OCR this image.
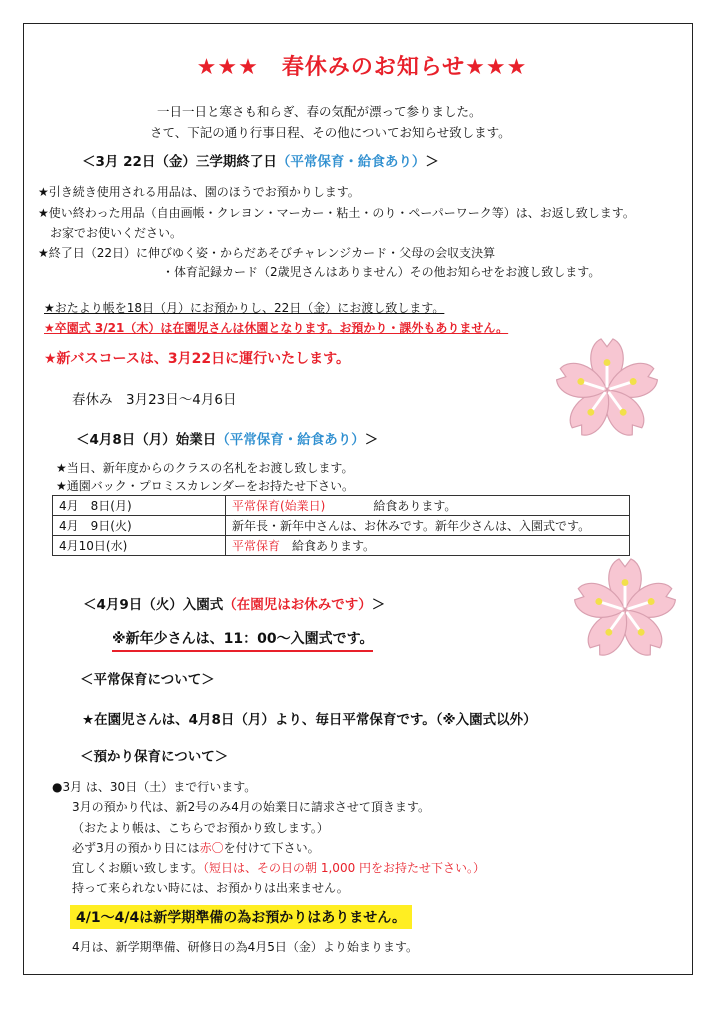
★★★　春休みのお知らせ★★★
一日一日と寒さも和らぎ、春の気配が漂って参りました。
さて、下記の通り行事日程、その他についてお知らせ致します。
＜3月 22日（金）三学期終了日（平常保育・給食あり）＞
★引き続き使用される用品は、園のほうでお預かりします。
★使い終わった用品（自由画帳・クレヨン・マーカー・粘土・のり・ペーパーワーク等）は、お返し致します。
　お家でお使いください。
★終了日（22日）に伸びゆく姿・からだあそびチャレンジカード・父母の会収支決算
・体育記録カード（2歳児さんはありません）その他お知らせをお渡し致します。
★おたより帳を18日（月）にお預かりし、22日（金）にお渡し致します。
★卒園式 3/21（木）は在園児さんは休園となります。お預かり・課外もありません。
★新バスコースは、3月22日に運行いたします。
春休み　3月23日～4月6日
＜4月8日（月）始業日（平常保育・給食あり）＞
★当日、新年度からのクラスの名札をお渡し致します。
★通園バック・プロミスカレンダーをお持たせ下さい。
4月　8日(月)	平常保育(始業日)　　　　給食あります。
4月　9日(火)	新年長・新年中さんは、お休みです。新年少さんは、入園式です。
4月10日(水)	平常保育　給食あります。
＜4月9日（火）入園式（在園児はお休みです）＞
※新年少さんは、11：00～入園式です。
＜平常保育について＞
★在園児さんは、4月8日（月）より、毎日平常保育です。（※入園式以外）
＜預かり保育について＞
●3月 は、30日（土）まで行います。
3月の預かり代は、新2号のみ4月の始業日に請求させて頂きます。
（おたより帳は、こちらでお預かり致します。）
必ず3月の預かり日には赤〇を付けて下さい。
宜しくお願い致します。（短日は、その日の朝 1,000 円をお持たせ下さい。）
持って来られない時には、お預かりは出来ません。
4/1～4/4は新学期準備の為お預かりはありません。
4月は、新学期準備、研修日の為4月5日（金）より始まります。
